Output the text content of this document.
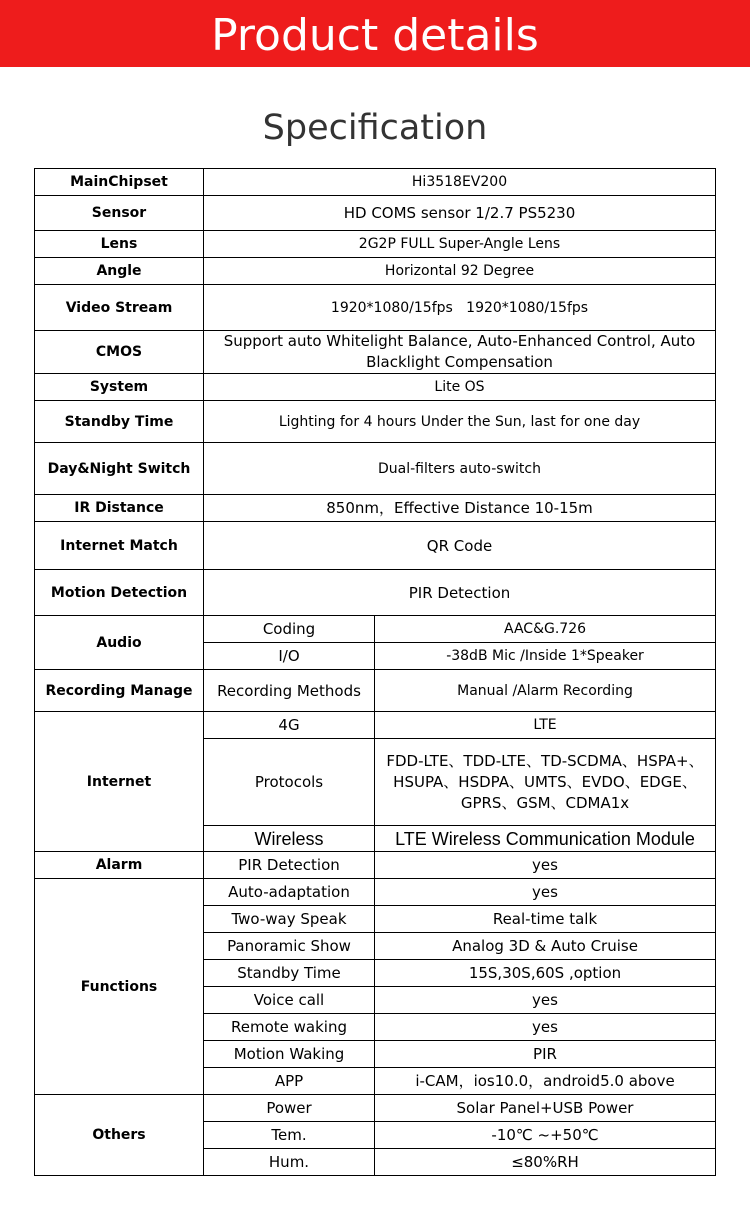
Product details
Specification
MainChipset	Hi3518EV200	
Sensor	HD COMS sensor 1/2.7 PS5230	
Lens	2G2P FULL Super-Angle Lens	
Angle	Horizontal 92 Degree	
Video Stream	1920*1080/15fps   1920*1080/15fps	
CMOS	Support auto Whitelight Balance, Auto-Enhanced Control, Auto Blacklight Compensation	
System	Lite OS	
Standby Time	Lighting for 4 hours Under the Sun, last for one day	
Day&Night Switch	Dual-filters auto-switch	
IR Distance	850nm，Effective Distance 10-15m	
Internet Match	QR Code	
Motion Detection	PIR Detection	
Audio	Coding	AAC&G.726
	I/O	-38dB Mic /Inside 1*Speaker
Recording Manage	Recording Methods	Manual /Alarm Recording
Internet	4G	LTE
	Protocols	FDD-LTE、TDD-LTE、TD-SCDMA、HSPA+、HSUPA、HSDPA、UMTS、EVDO、EDGE、GPRS、GSM、CDMA1x
	Wireless	LTE Wireless Communication Module
Alarm	PIR Detection	yes
Functions	Auto-adaptation	yes
	Two-way Speak	Real-time talk
	Panoramic Show	Analog 3D & Auto Cruise
	Standby Time	15S,30S,60S ,option
	Voice call	yes
	Remote waking	yes
	Motion Waking	PIR
	APP	i-CAM，ios10.0，android5.0 above
Others	Power	Solar Panel+USB Power
	Tem.	-10℃ ~+50℃
	Hum.	≤80%RH
